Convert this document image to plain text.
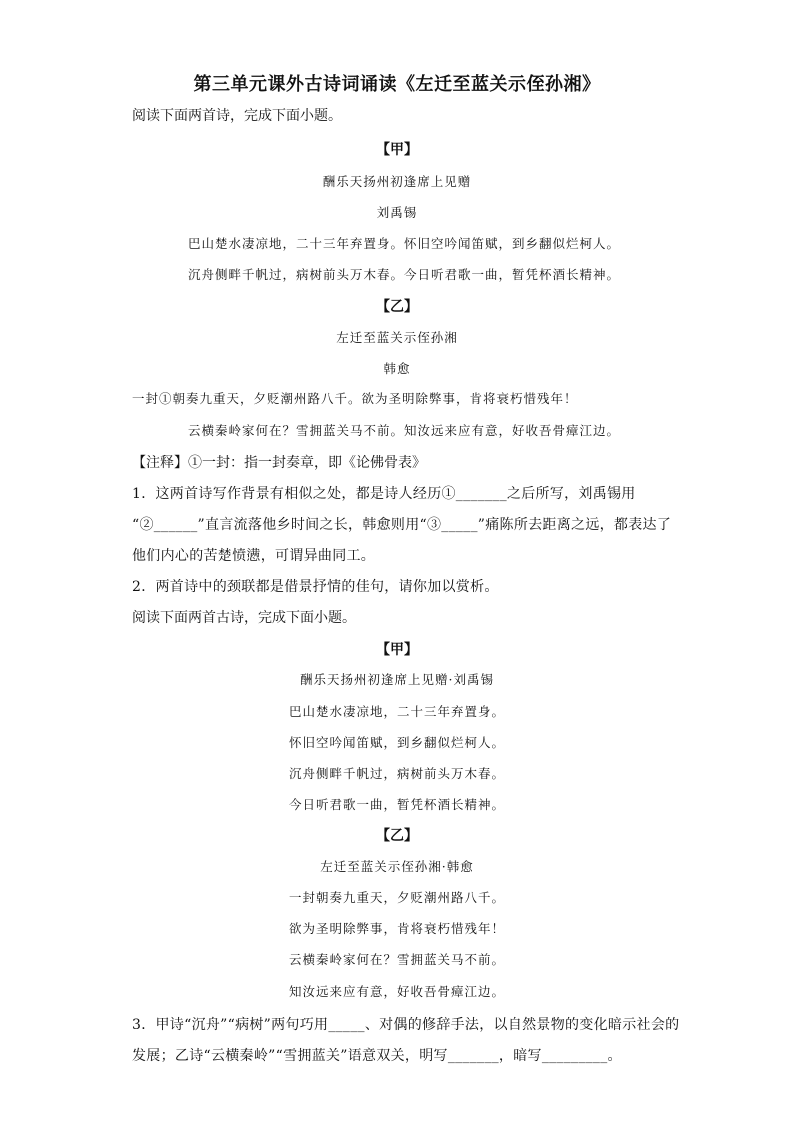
第三单元课外古诗词诵读《左迁至蓝关示侄孙湘》
阅读下面两首诗，完成下面小题。
【甲】
酬乐天扬州初逢席上见赠
刘禹锡
巴山楚水凄凉地，二十三年弃置身。怀旧空吟闻笛赋，到乡翻似烂柯人。
沉舟侧畔千帆过，病树前头万木春。今日听君歌一曲，暂凭杯酒长精神。
【乙】
左迁至蓝关示侄孙湘
韩愈
一封①朝奏九重天，夕贬潮州路八千。欲为圣明除弊事，肯将衰朽惜残年！
云横秦岭家何在？雪拥蓝关马不前。知汝远来应有意，好收吾骨瘴江边。
【注释】①一封：指一封奏章，即《论佛骨表》
1．这两首诗写作背景有相似之处，都是诗人经历①_______之后所写，刘禹锡用
“②______”直言流落他乡时间之长，韩愈则用“③_____”痛陈所去距离之远，都表达了
他们内心的苦楚愤懑，可谓异曲同工。
2．两首诗中的颈联都是借景抒情的佳句，请你加以赏析。
阅读下面两首古诗，完成下面小题。
【甲】
酬乐天扬州初逢席上见赠·刘禹锡
巴山楚水凄凉地，二十三年弃置身。
怀旧空吟闻笛赋，到乡翻似烂柯人。
沉舟侧畔千帆过，病树前头万木春。
今日听君歌一曲，暂凭杯酒长精神。
【乙】
左迁至蓝关示侄孙湘·韩愈
一封朝奏九重天，夕贬潮州路八千。
欲为圣明除弊事，肯将衰朽惜残年！
云横秦岭家何在？雪拥蓝关马不前。
知汝远来应有意，好收吾骨瘴江边。
3．甲诗“沉舟”“病树”两句巧用_____、对偶的修辞手法，以自然景物的变化暗示社会的
发展；乙诗“云横秦岭”“雪拥蓝关”语意双关，明写_______，暗写_________。
